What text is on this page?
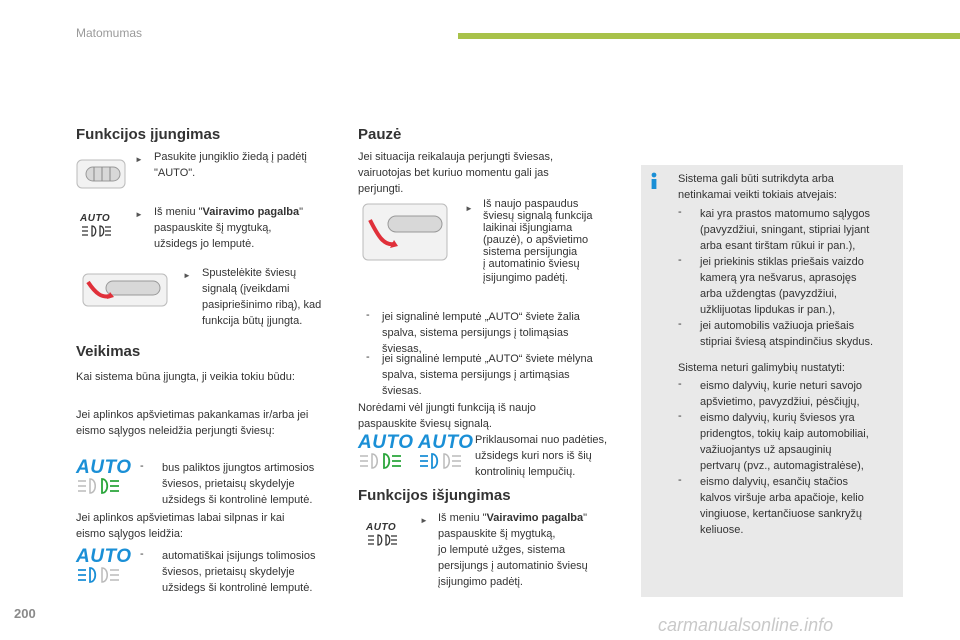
Matomumas
Funkcijos įjungimas
► Pasukite jungiklio žiedą į padėtį
"AUTO".

AUTO	► Iš meniu "Vairavimo pagalba"
paspauskite šį mygtuką,
užsidegs jo lemputė.

► Spustelėkite šviesų
signalą (įveikdami
pasipriešinimo ribą), kad
funkcija būtų įjungta.

Veikimas

Kai sistema būna įjungta, ji veikia tokiu būdu:

Jei aplinkos apšvietimas pakankamas ir/arba jei
eismo sąlygos neleidžia perjungti šviesų:

AUTO - bus paliktos įjungtos artimosios
šviesos, prietaisų skydelyje
užsidegs ši kontrolinė lemputė.

Jei aplinkos apšvietimas labai silpnas ir kai
eismo sąlygos leidžia:

AUTO - automatiškai įsijungs tolimosios
šviesos, prietaisų skydelyje
užsidegs ši kontrolinė lemputė.

Pauzė

Jei situacija reikalauja perjungti šviesas,
vairuotojas bet kuriuo momentu gali jas
perjungti.

► Iš naujo paspaudus
šviesų signalą funkcija
laikinai išjungiama
(pauzė), o apšvietimo
sistema persijungia
į automatinio šviesų
įsijungimo padėtį.

- jei signalinė lemputė „AUTO“ šviete žalia
spalva, sistema persijungs į tolimąsias
šviesas,

- jei signalinė lemputė „AUTO“ šviete mėlyna
spalva, sistema persijungs į artimąsias
šviesas.

Norėdami vėl įjungti funkciją iš naujo
paspauskite šviesų signalą.

AUTO AUTO Priklausomai nuo padėties,
užsidegs kuri nors iš šių
kontrolinių lempučių.

Funkcijos išjungimas
AUTO
► Iš meniu "Vairavimo pagalba"
paspauskite šį mygtuką,
jo lemputė užges, sistema
persijungs į automatinio šviesų
įsijungimo padėtį.

Sistema gali būti sutrikdyta arba
netinkamai veikti tokiais atvejais:

- kai yra prastos matomumo sąlygos
(pavyzdžiui, sningant, stipriai lyjant
arba esant tirštam rūkui ir pan.),

- jei priekinis stiklas priešais vaizdo
kamerą yra nešvarus, aprasojęs
arba uždengtas (pavyzdžiui,
užklijuotas lipdukas ir pan.),

- jei automobilis važiuoja priešais
stipriai šviesą atspindinčius skydus.

Sistema neturi galimybių nustatyti:

- eismo dalyvių, kurie neturi savojo
apšvietimo, pavyzdžiui, pėsčiųjų,

- eismo dalyvių, kurių šviesos yra
pridengtos, tokių kaip automobiliai,
važiuojantys už apsauginių
pertvarų (pvz., automagistralėse),

- eismo dalyvių, esančių stačios
kalvos viršuje arba apačioje, kelio
vingiuose, kertančiuose sankryžų
keliuose.

200
carmanualsonline.info
